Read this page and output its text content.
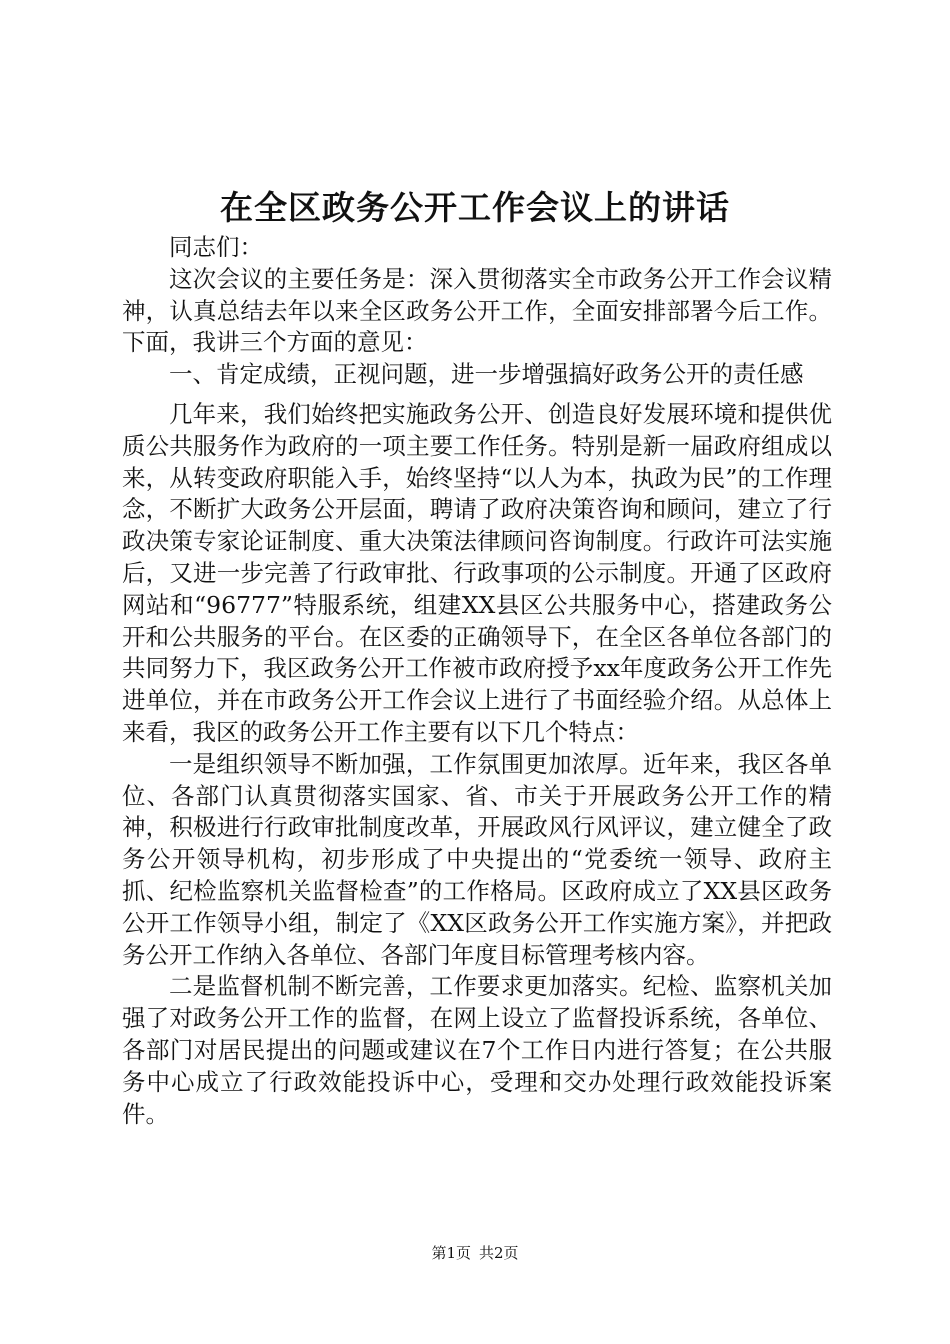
在全区政务公开工作会议上的讲话

同志们：

这次会议的主要任务是：深入贯彻落实全市政务公开工作会议精神，认真总结去年以来全区政务公开工作，全面安排部署今后工作。下面，我讲三个方面的意见：

一、肯定成绩，正视问题，进一步增强搞好政务公开的责任感

几年来，我们始终把实施政务公开、创造良好发展环境和提供优质公共服务作为政府的一项主要工作任务。特别是新一届政府组成以来，从转变政府职能入手，始终坚持“以人为本，执政为民”的工作理念，不断扩大政务公开层面，聘请了政府决策咨询和顾问，建立了行政决策专家论证制度、重大决策法律顾问咨询制度。行政许可法实施后，又进一步完善了行政审批、行政事项的公示制度。开通了区政府网站和“96777”特服系统，组建XX县区公共服务中心，搭建政务公开和公共服务的平台。在区委的正确领导下，在全区各单位各部门的共同努力下，我区政务公开工作被市政府授予xx年度政务公开工作先进单位，并在市政务公开工作会议上进行了书面经验介绍。从总体上来看，我区的政务公开工作主要有以下几个特点：

一是组织领导不断加强，工作氛围更加浓厚。近年来，我区各单位、各部门认真贯彻落实国家、省、市关于开展政务公开工作的精神，积极进行行政审批制度改革，开展政风行风评议，建立健全了政务公开领导机构，初步形成了中央提出的“党委统一领导、政府主抓、纪检监察机关监督检查”的工作格局。区政府成立了XX县区政务公开工作领导小组，制定了《XX区政务公开工作实施方案》，并把政务公开工作纳入各单位、各部门年度目标管理考核内容。

二是监督机制不断完善，工作要求更加落实。纪检、监察机关加强了对政务公开工作的监督，在网上设立了监督投诉系统，各单位、各部门对居民提出的问题或建议在7个工作日内进行答复；在公共服务中心成立了行政效能投诉中心，受理和交办处理行政效能投诉案件。

第1页 共2页
